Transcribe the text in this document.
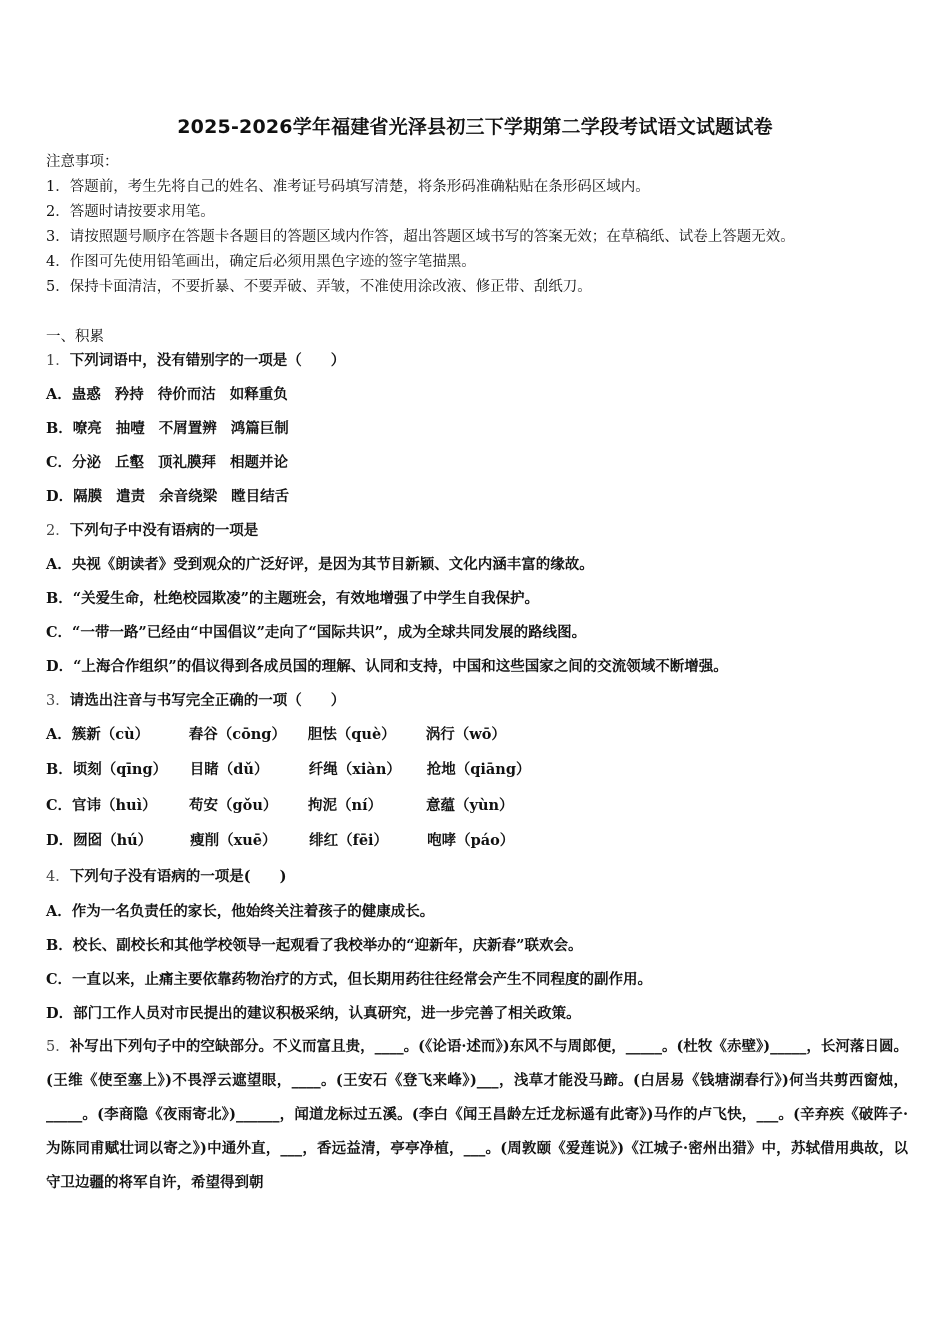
2025-2026学年福建省光泽县初三下学期第二学段考试语文试题试卷
注意事项：
1．答题前，考生先将自己的姓名、准考证号码填写清楚，将条形码准确粘贴在条形码区域内。
2．答题时请按要求用笔。
3．请按照题号顺序在答题卡各题目的答题区域内作答，超出答题区域书写的答案无效；在草稿纸、试卷上答题无效。
4．作图可先使用铅笔画出，确定后必须用黑色字迹的签字笔描黑。
5．保持卡面清洁，不要折暴、不要弄破、弄皱，不准使用涂改液、修正带、刮纸刀。
一、积累
1．下列词语中，没有错别字的一项是（　　）
A．蛊惑 矜持 待价而沽 如释重负
B．嘹亮 抽噎 不屑置辨 鸿篇巨制
C．分泌 丘壑 顶礼膜拜 相题并论
D．隔膜 遣责 余音绕梁 瞠目结舌
2．下列句子中没有语病的一项是
A．央视《朗读者》受到观众的广泛好评，是因为其节目新颖、文化内涵丰富的缘故。
B．“关爱生命，杜绝校园欺凌”的主题班会，有效地增强了中学生自我保护。
C．“一带一路”已经由“中国倡议”走向了“国际共识”，成为全球共同发展的路线图。
D．“上海合作组织”的倡议得到各成员国的理解、认同和支持，中国和这些国家之间的交流领域不断增强。
3．请选出注音与书写完全正确的一项（　　）
A．簇新（cù）	舂谷（cōng） 胆怯（què） 涡行（wō）
B．顷刻（qīng） 目睹（dǔ）	纤绳（xiàn） 抢地（qiāng）
C．官讳（huì） 苟安（gǒu） 拘泥（ní）	意蕴（yùn）
D．囫囵（hú）	瘦削（xuē） 绯红（fēi）	咆哮（páo）
4．下列句子没有语病的一项是(　　)
A．作为一名负责任的家长，他始终关注着孩子的健康成长。
B．校长、副校长和其他学校领导一起观看了我校举办的“迎新年，庆新春”联欢会。
C．一直以来，止痛主要依靠药物治疗的方式，但长期用药往往经常会产生不同程度的副作用。
D．部门工作人员对市民提出的建议积极采纳，认真研究，进一步完善了相关政策。
5．补写出下列句子中的空缺部分。不义而富且贵，____。(《论语·述而》)东风不与周郎便，_____。(杜牧《赤壁》)_____，长河落日圆。(王维《使至塞上》)不畏浮云遮望眼，____。(王安石《登飞来峰》)___，浅草才能没马蹄。(白居易《钱塘湖春行》)何当共剪西窗烛，_____。(李商隐《夜雨寄北》)______，闻道龙标过五溪。(李白《闻王昌龄左迁龙标遥有此寄》)马作的卢飞快，___。(辛弃疾《破阵子·为陈同甫赋壮词以寄之》)中通外直，___，香远益清，亭亭净植，___。(周敦颐《爱莲说》)《江城子·密州出猎》中，苏轼借用典故，以守卫边疆的将军自许，希望得到朝
